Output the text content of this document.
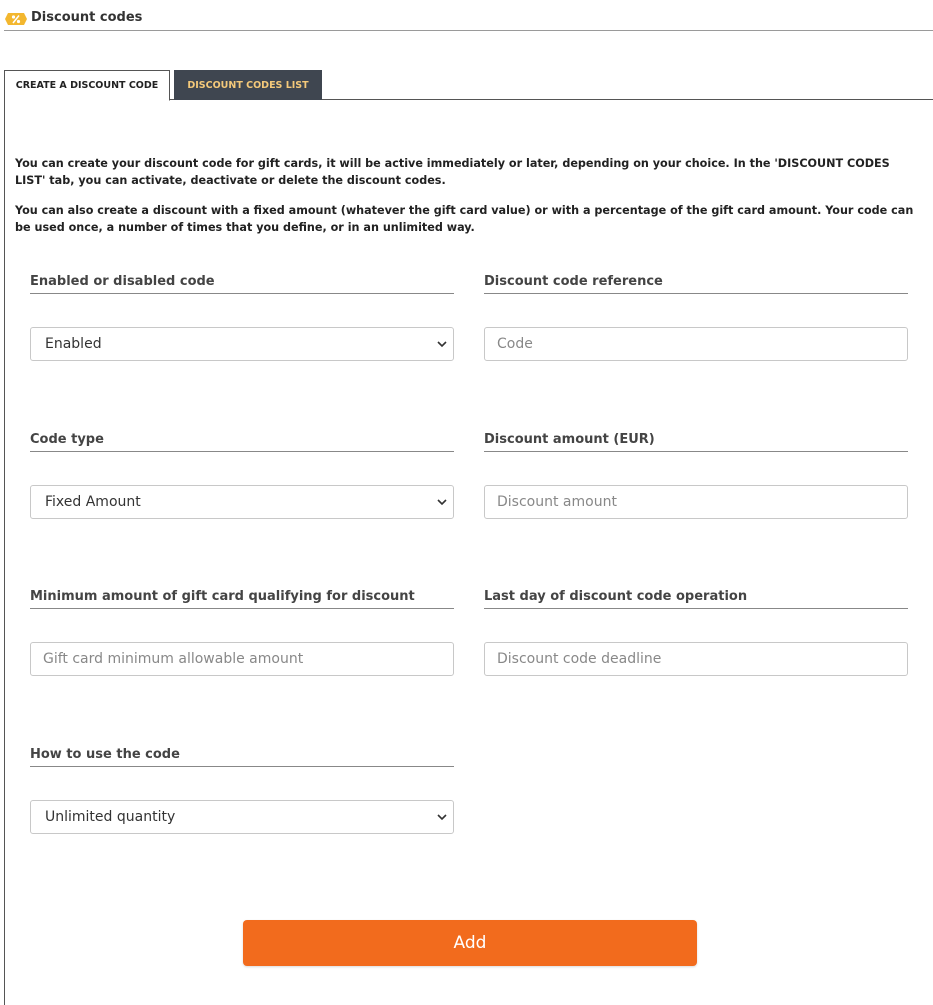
Discount codes
CREATE A DISCOUNT CODE	DISCOUNT CODES LIST

You can create your discount code for gift cards, it will be active immediately or later, depending on your choice. In the 'DISCOUNT CODES LIST' tab, you can activate, deactivate or delete the discount codes.

You can also create a discount with a fixed amount (whatever the gift card value) or with a percentage of the gift card amount. Your code can be used once, a number of times that you define, or in an unlimited way.

Enabled or disabled code
Enabled
Discount code reference
Code
Code type
Fixed Amount
Discount amount (EUR)
Discount amount
Minimum amount of gift card qualifying for discount
Gift card minimum allowable amount	Last day of discount code operation
Discount code deadline
How to use the code
Unlimited quantity
Add
